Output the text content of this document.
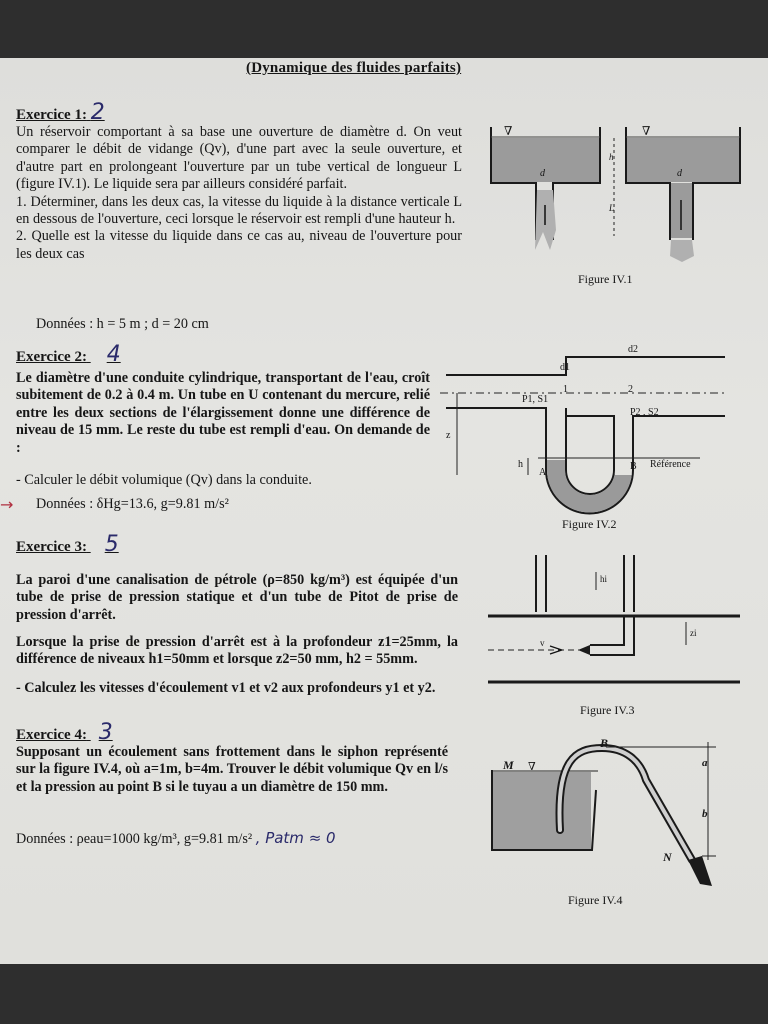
(Dynamique des fluides parfaits)
Exercice 1: 2

Un réservoir comportant à sa base une ouverture de diamètre d. On veut comparer le débit de vidange (Qv), d'une part avec la seule ouverture, et d'autre part en prolongeant l'ouverture par un tube vertical de longueur L (figure IV.1). Le liquide sera par ailleurs considéré parfait.

1. Déterminer, dans les deux cas, la vitesse du liquide à la distance verticale L en dessous de l'ouverture, ceci lorsque le réservoir est rempli d'une hauteur h.

2. Quelle est la vitesse du liquide dans ce cas au, niveau de l'ouverture pour les deux cas

Données : h = 5 m ; d = 20 cm
∇	∇
d	d
h
L
Figure IV.1
Exercice 2: 4
Le diamètre d'une conduite cylindrique, transportant de l'eau, croît subitement de 0.2 à 0.4 m. Un tube en U contenant du mercure, relié entre les deux sections de l'élargissement donne une différence de niveau de 15 mm. Le reste du tube est rempli d'eau. On demande de :
- Calculer le débit volumique (Qv) dans la conduite.
→ Données : δHg=13.6, g=9.81 m/s²
d1
d2
P1, S1
1	2
P2 , S2
z
h
A
B Référence
Figure IV.2
Exercice 3: 5
La paroi d'une canalisation de pétrole (ρ=850 kg/m³) est équipée d'un tube de prise de pression statique et d'un tube de Pitot de prise de pression d'arrêt.
Lorsque la prise de pression d'arrêt est à la profondeur z1=25mm, la différence de niveaux h1=50mm et lorsque z2=50 mm, h2 = 55mm.
- Calculez les vitesses d'écoulement v1 et v2 aux profondeurs y1 et y2.
hi
zi
v
Figure IV.3
Exercice 4: 3
Supposant un écoulement sans frottement dans le siphon représenté sur la figure IV.4, où a=1m, b=4m. Trouver le débit volumique Qv en l/s et la pression au point B si le tuyau a un diamètre de 150 mm.
Données : ρeau=1000 kg/m³, g=9.81 m/s² , Patm ≈ 0
B
M ∇
N
a
b
Figure IV.4
